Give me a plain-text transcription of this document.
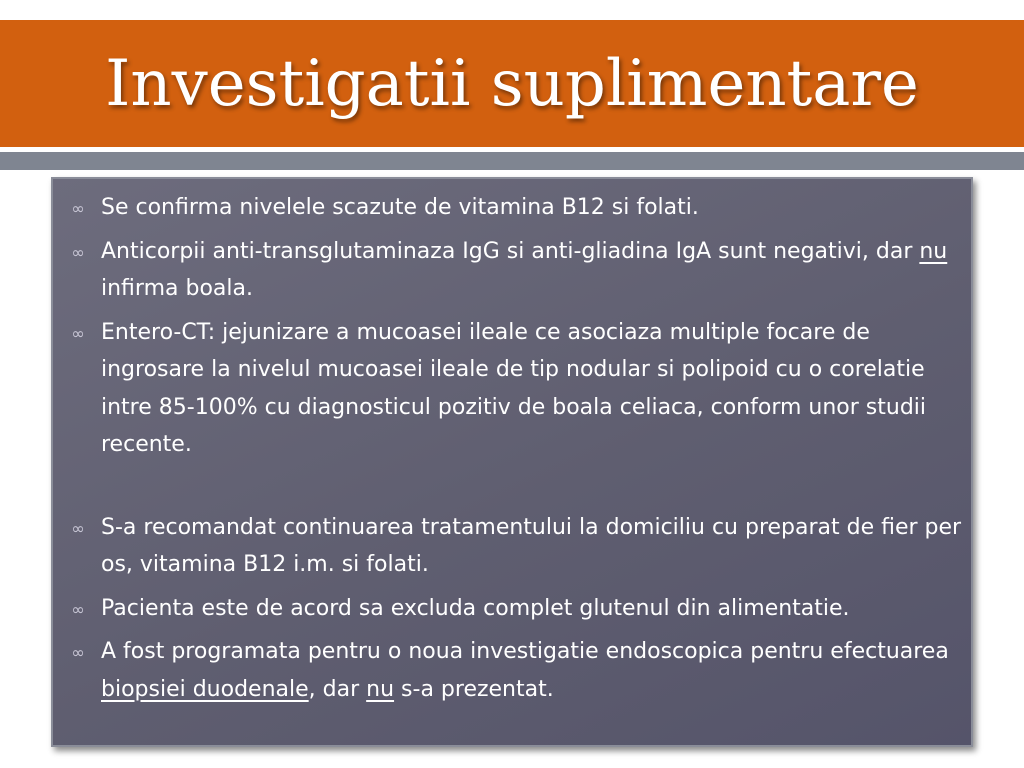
Investigatii suplimentare
∞ Se confirma nivelele scazute de vitamina B12 si folati.
∞ Anticorpii anti-transglutaminaza IgG si anti-gliadina IgA sunt negativi, dar nu infirma boala.
∞ Entero-CT: jejunizare a mucoasei ileale ce asociaza multiple focare de ingrosare la nivelul mucoasei ileale de tip nodular si polipoid cu o corelatie intre 85-100% cu diagnosticul pozitiv de boala celiaca, conform unor studii recente.
∞ S-a recomandat continuarea tratamentului la domiciliu cu preparat de fier per os, vitamina B12 i.m. si folati.
∞ Pacienta este de acord sa excluda complet glutenul din alimentatie.
∞ A fost programata pentru o noua investigatie endoscopica pentru efectuarea biopsiei duodenale, dar nu s-a prezentat.
